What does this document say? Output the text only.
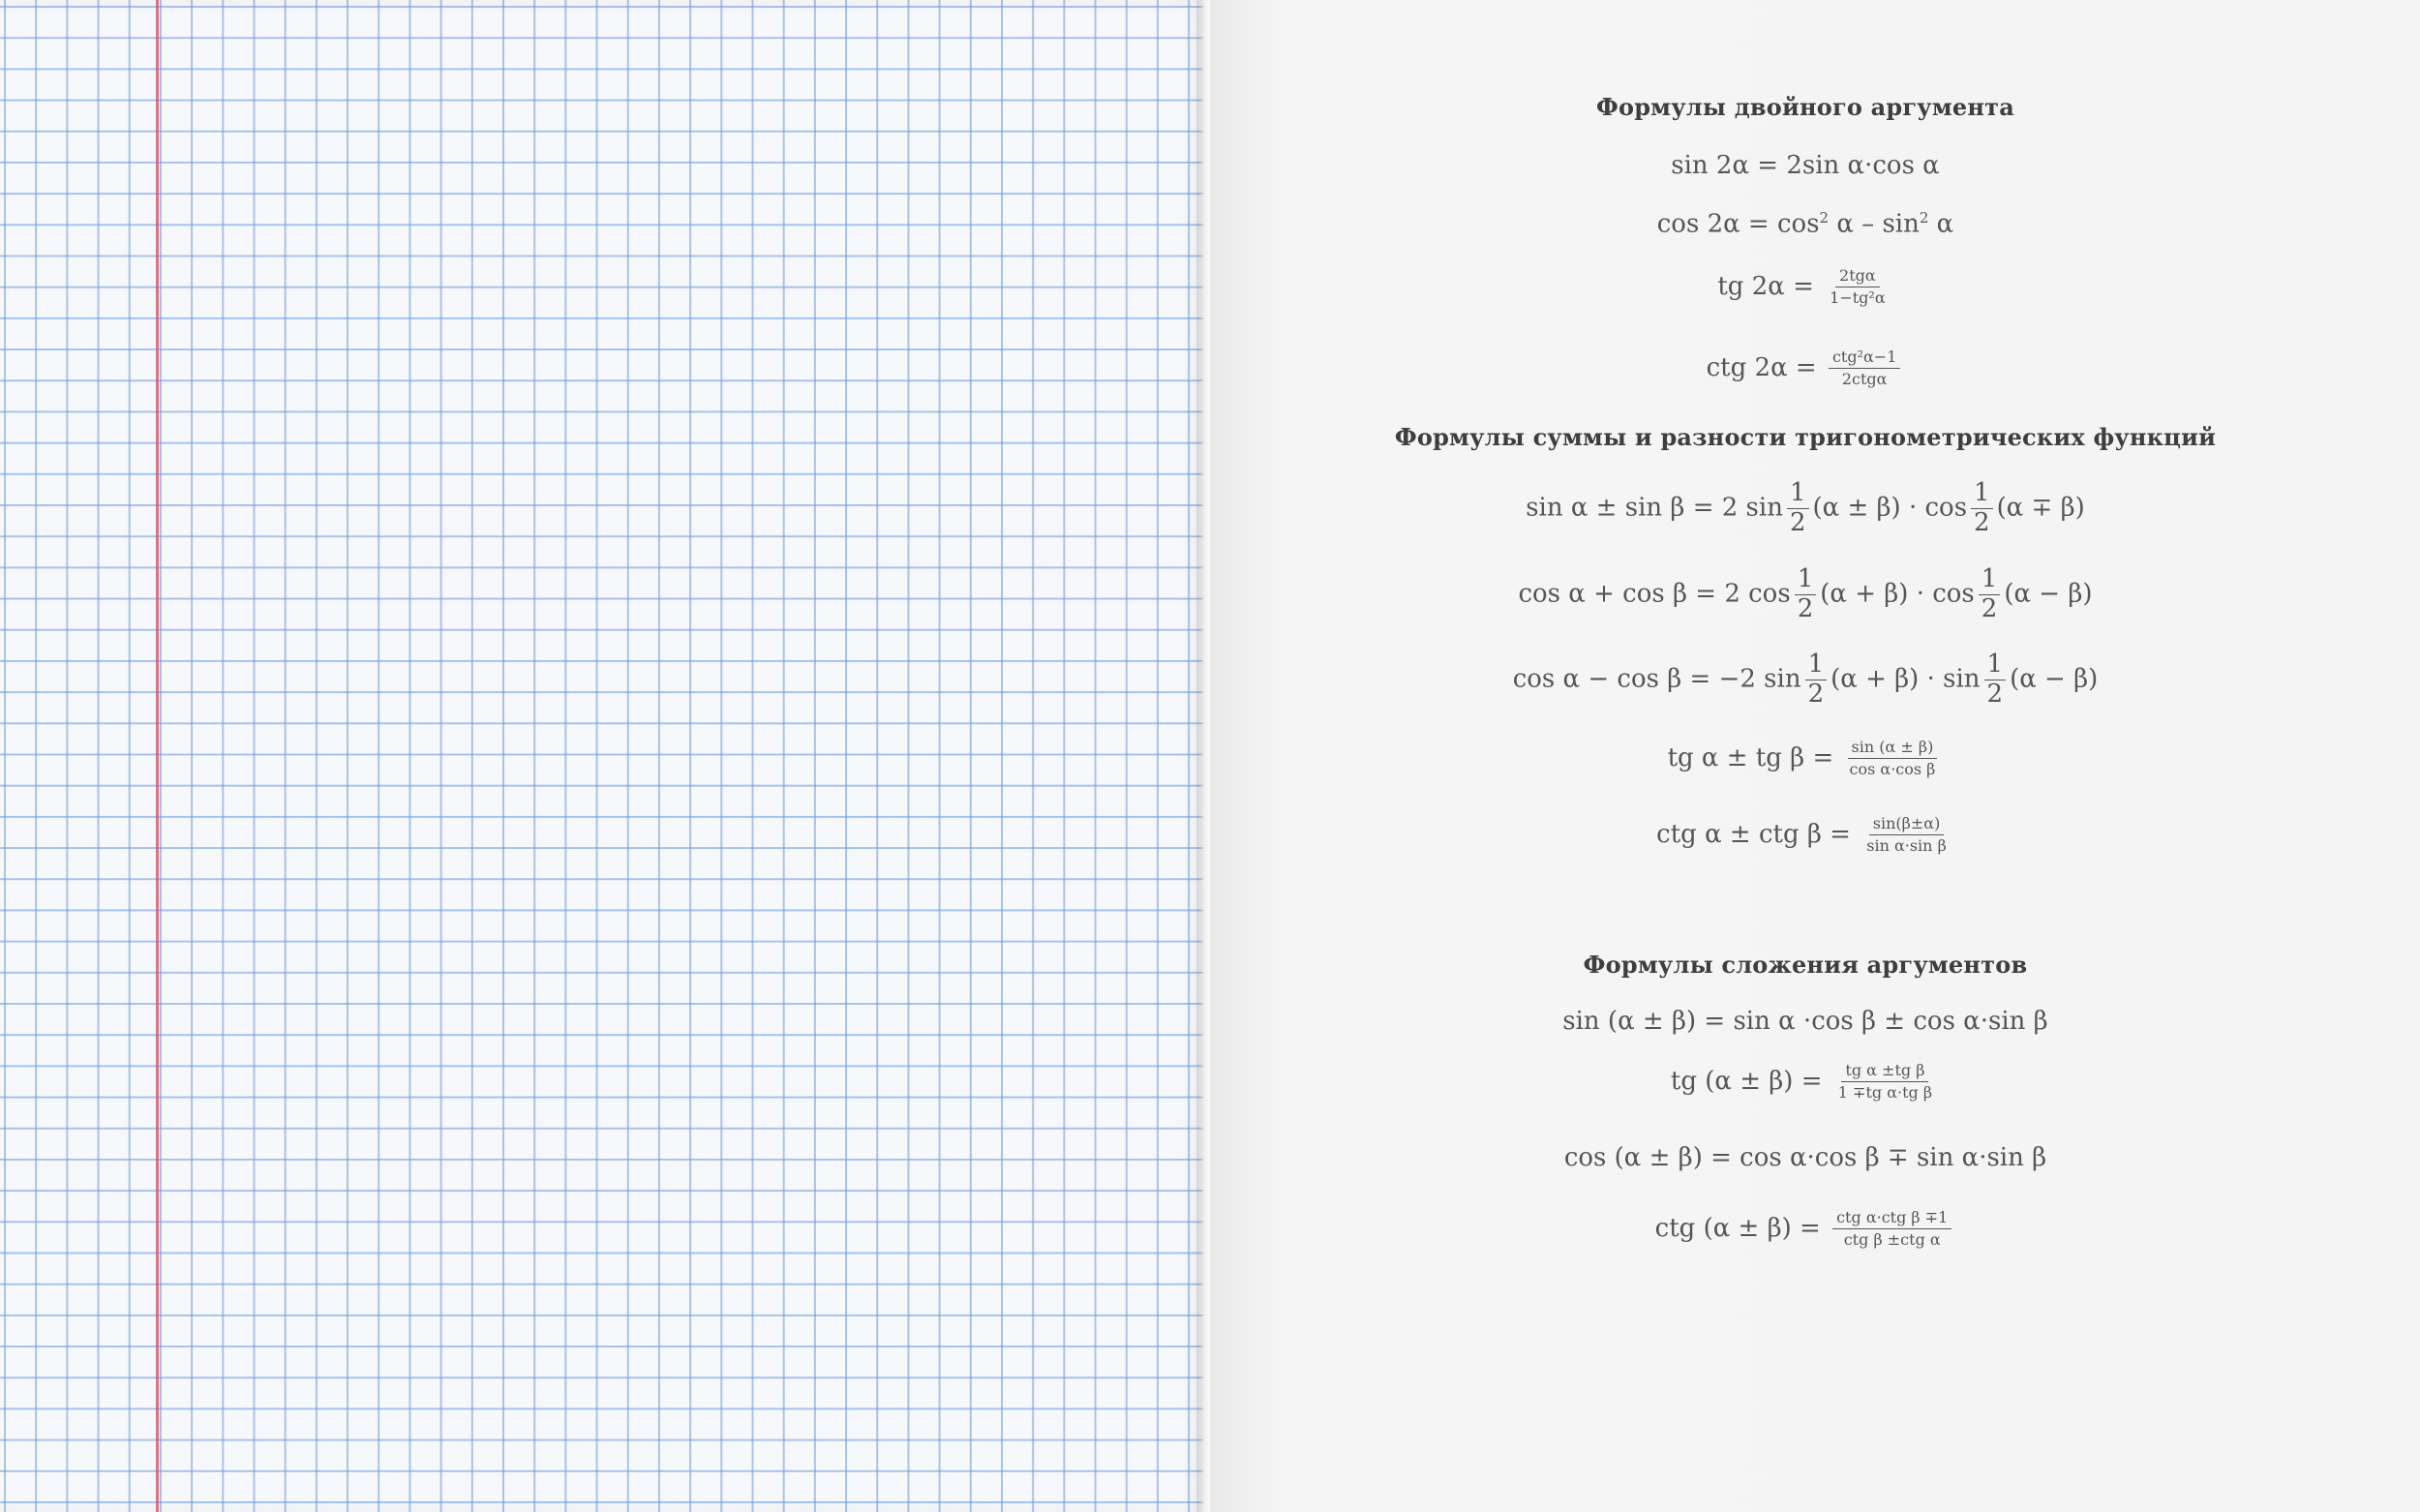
Формулы двойного аргумента
sin 2α = 2sin α·cos α
$\cos 2\alpha = \cos^2 \alpha - \sin^2 \alpha$
tg $2\alpha = \frac{\text{2tgα}}{\text{1−tg²α}}$
ctg $2\alpha = \frac{\text{ctg²α−1}}{\text{2ctgα}}$
Формулы суммы и разности тригонометрических функций
sin α ± sin β = 2 $\sin \frac{1}{2} (\alpha \pm \beta) \cdot \cos \frac{1}{2} (\alpha \mp \beta)$
cos α + cos β = 2 $\cos \frac{1}{2} (\alpha + \beta) \cdot \cos \frac{1}{2} (\alpha - \beta)$
cos α − cos β = −2 $\sin \frac{1}{2} (\alpha + \beta) \cdot \sin \frac{1}{2} (\alpha - \beta)$
tg α ± tg $\beta = \frac{\sin (\alpha \pm \beta)}{\text{cos α·cos β}}$
ctg α ± ctg $\beta = \frac{\sin(\beta\pm\alpha)}{\text{sin α·sin β}}$
Формулы сложения аргументов
sin (α ± β) = sin α ·cos β ± cos α·sin β
tg $(\alpha \pm \beta) = \frac{\text{tg α ±tg β}}{\text{1 ∓tg α·tg β}}$
cos (α ± β) = cos α·cos β ∓ sin α·sin β
ctg $(\alpha \pm \beta) = \frac{\text{ctg α·ctg β ∓1}}{\text{ctg β ±ctg α}}$
